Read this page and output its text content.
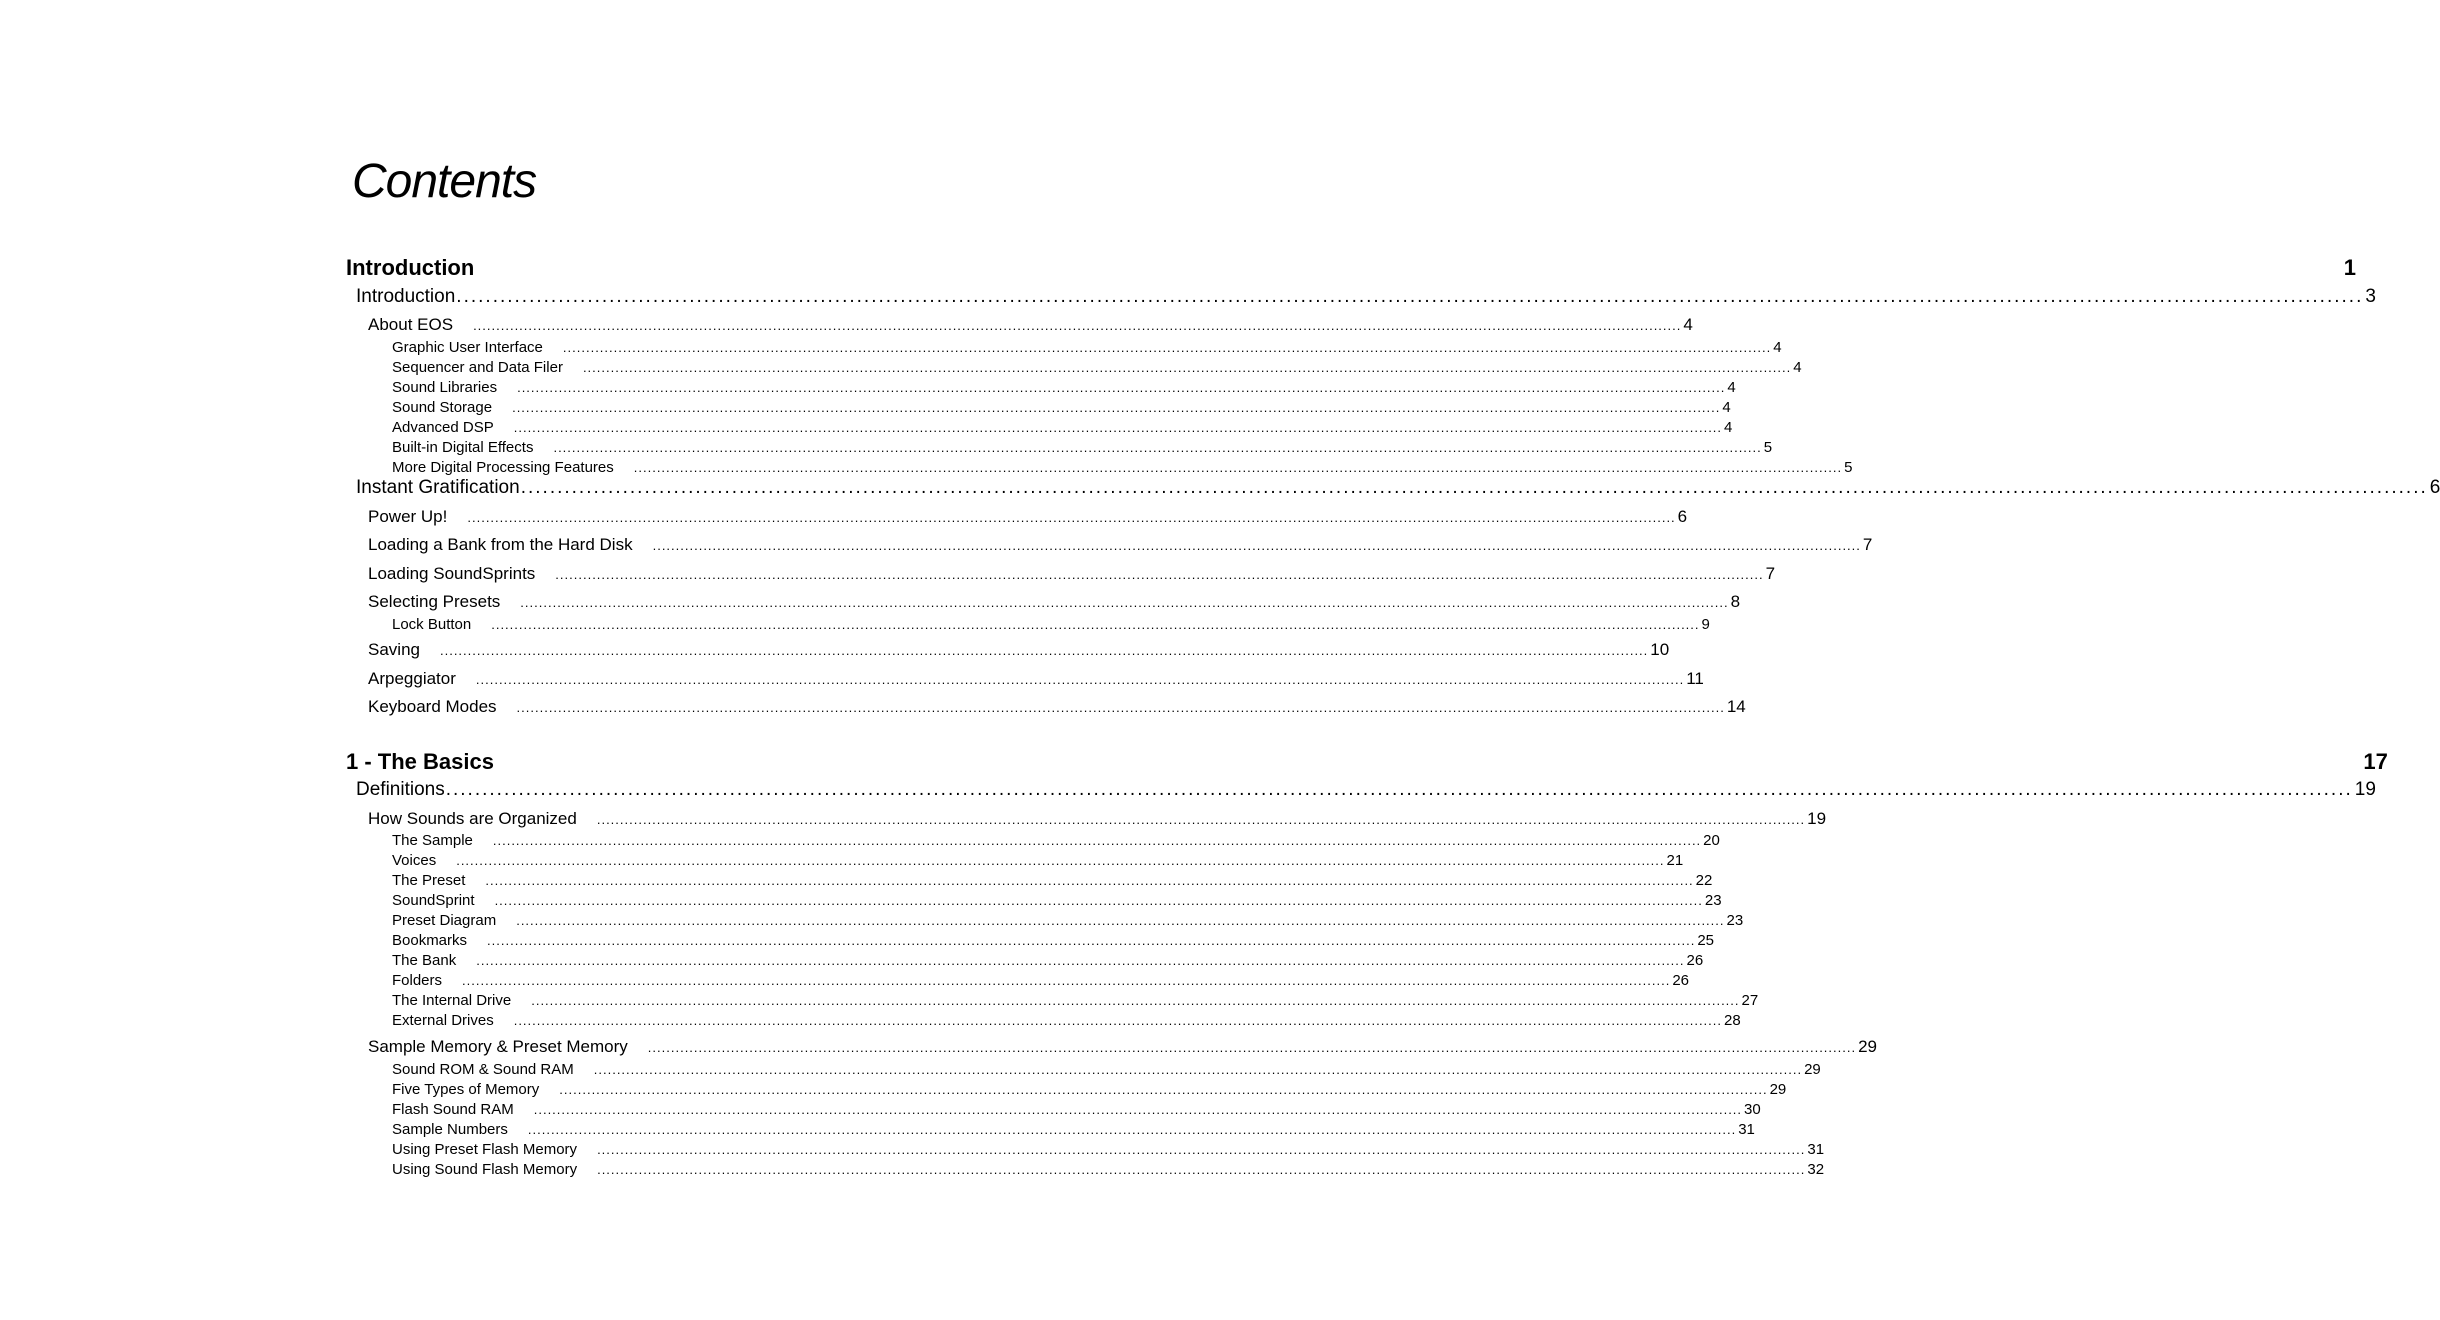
Contents
Introduction	1
Introduction ...................................................................................................................................................................................................................................................................... 3
About EOS ...................................................................................................................................................................................................................................................................... 4
Graphic User Interface ...................................................................................................................................................................................................................................................................... 4
Sequencer and Data Filer ...................................................................................................................................................................................................................................................................... 4
Sound Libraries ...................................................................................................................................................................................................................................................................... 4
Sound Storage ...................................................................................................................................................................................................................................................................... 4
Advanced DSP ...................................................................................................................................................................................................................................................................... 4
Built-in Digital Effects ...................................................................................................................................................................................................................................................................... 5
More Digital Processing Features ...................................................................................................................................................................................................................................................................... 5
Instant Gratification ...................................................................................................................................................................................................................................................................... 6
Power Up! ...................................................................................................................................................................................................................................................................... 6
Loading a Bank from the Hard Disk ...................................................................................................................................................................................................................................................................... 7
Loading SoundSprints ...................................................................................................................................................................................................................................................................... 7
Selecting Presets ...................................................................................................................................................................................................................................................................... 8
Lock Button ...................................................................................................................................................................................................................................................................... 9
Saving ...................................................................................................................................................................................................................................................................... 10
Arpeggiator ...................................................................................................................................................................................................................................................................... 11
Keyboard Modes ...................................................................................................................................................................................................................................................................... 14
1 - The Basics	17
Definitions ...................................................................................................................................................................................................................................................................... 19
How Sounds are Organized ...................................................................................................................................................................................................................................................................... 19
The Sample ...................................................................................................................................................................................................................................................................... 20
Voices ...................................................................................................................................................................................................................................................................... 21
The Preset ...................................................................................................................................................................................................................................................................... 22
SoundSprint ...................................................................................................................................................................................................................................................................... 23
Preset Diagram ...................................................................................................................................................................................................................................................................... 23
Bookmarks ...................................................................................................................................................................................................................................................................... 25
The Bank ...................................................................................................................................................................................................................................................................... 26
Folders ...................................................................................................................................................................................................................................................................... 26
The Internal Drive ...................................................................................................................................................................................................................................................................... 27
External Drives ...................................................................................................................................................................................................................................................................... 28
Sample Memory & Preset Memory ...................................................................................................................................................................................................................................................................... 29
Sound ROM & Sound RAM ...................................................................................................................................................................................................................................................................... 29
Five Types of Memory ...................................................................................................................................................................................................................................................................... 29
Flash Sound RAM ...................................................................................................................................................................................................................................................................... 30
Sample Numbers ...................................................................................................................................................................................................................................................................... 31
Using Preset Flash Memory ...................................................................................................................................................................................................................................................................... 31
Using Sound Flash Memory ...................................................................................................................................................................................................................................................................... 32
